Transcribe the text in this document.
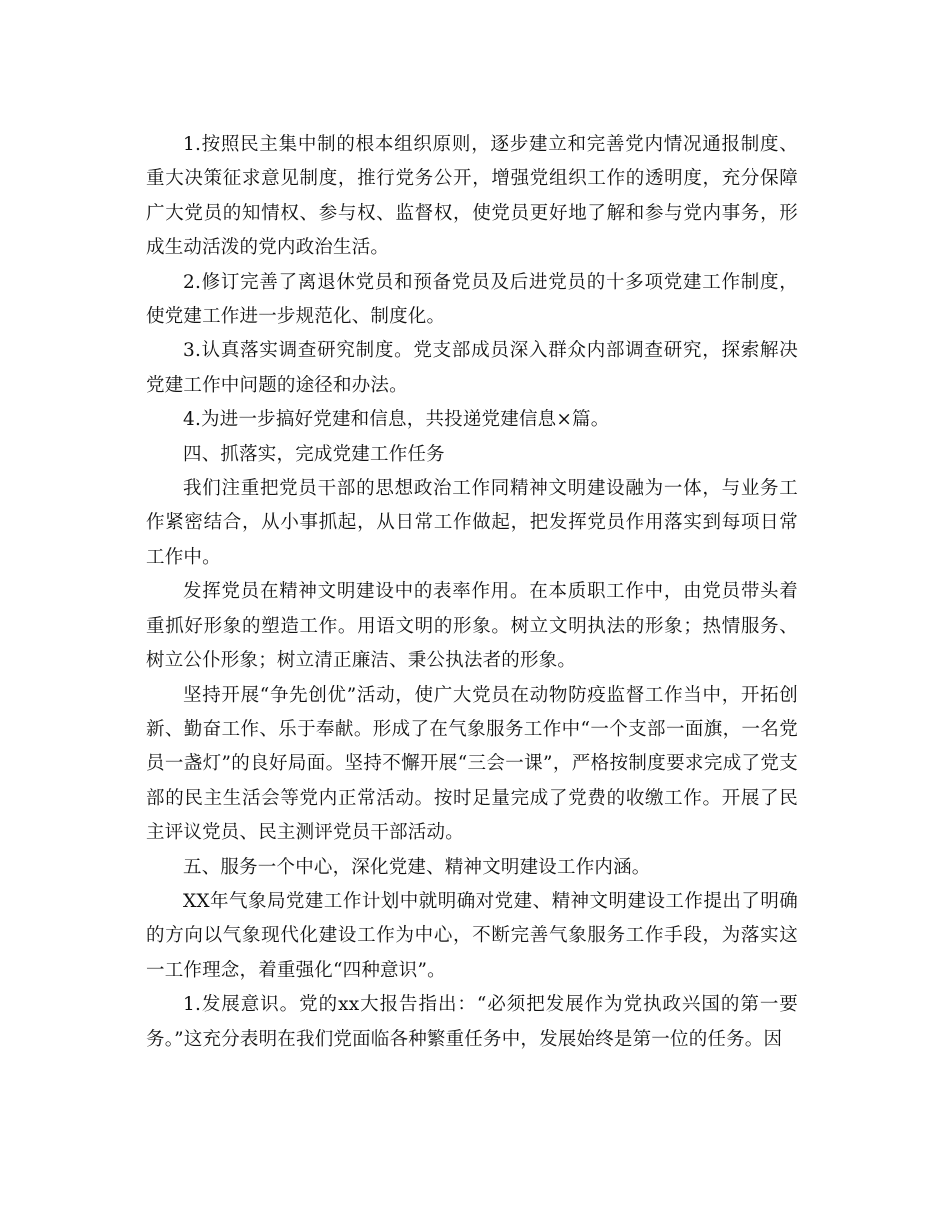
1.按照民主集中制的根本组织原则，逐步建立和完善党内情况通报制度、重大决策征求意见制度，推行党务公开，增强党组织工作的透明度，充分保障广大党员的知情权、参与权、监督权，使党员更好地了解和参与党内事务，形成生动活泼的党内政治生活。

2.修订完善了离退休党员和预备党员及后进党员的十多项党建工作制度，使党建工作进一步规范化、制度化。

3.认真落实调查研究制度。党支部成员深入群众内部调查研究，探索解决党建工作中问题的途径和办法。

4.为进一步搞好党建和信息，共投递党建信息×篇。

四、抓落实，完成党建工作任务

我们注重把党员干部的思想政治工作同精神文明建设融为一体，与业务工作紧密结合，从小事抓起，从日常工作做起，把发挥党员作用落实到每项日常工作中。

发挥党员在精神文明建设中的表率作用。在本质职工作中，由党员带头着重抓好形象的塑造工作。用语文明的形象。树立文明执法的形象；热情服务、树立公仆形象；树立清正廉洁、秉公执法者的形象。

坚持开展“争先创优”活动，使广大党员在动物防疫监督工作当中，开拓创新、勤奋工作、乐于奉献。形成了在气象服务工作中“一个支部一面旗，一名党员一盏灯”的良好局面。坚持不懈开展“三会一课”，严格按制度要求完成了党支部的民主生活会等党内正常活动。按时足量完成了党费的收缴工作。开展了民主评议党员、民主测评党员干部活动。

五、服务一个中心，深化党建、精神文明建设工作内涵。

XX年气象局党建工作计划中就明确对党建、精神文明建设工作提出了明确的方向以气象现代化建设工作为中心，不断完善气象服务工作手段，为落实这一工作理念，着重强化“四种意识”。

1.发展意识。党的xx大报告指出：“必须把发展作为党执政兴国的第一要务。”这充分表明在我们党面临各种繁重任务中，发展始终是第一位的任务。因
